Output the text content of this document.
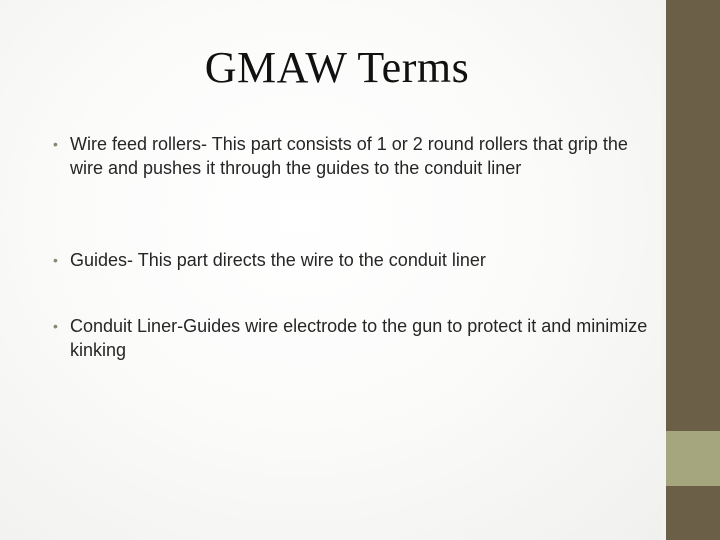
GMAW Terms
• Wire feed rollers- This part consists of 1 or 2 round rollers that grip the wire and pushes it through the guides to the conduit liner
• Guides- This part directs the wire to the conduit liner
• Conduit Liner-Guides wire electrode to the gun to protect it and minimize kinking
